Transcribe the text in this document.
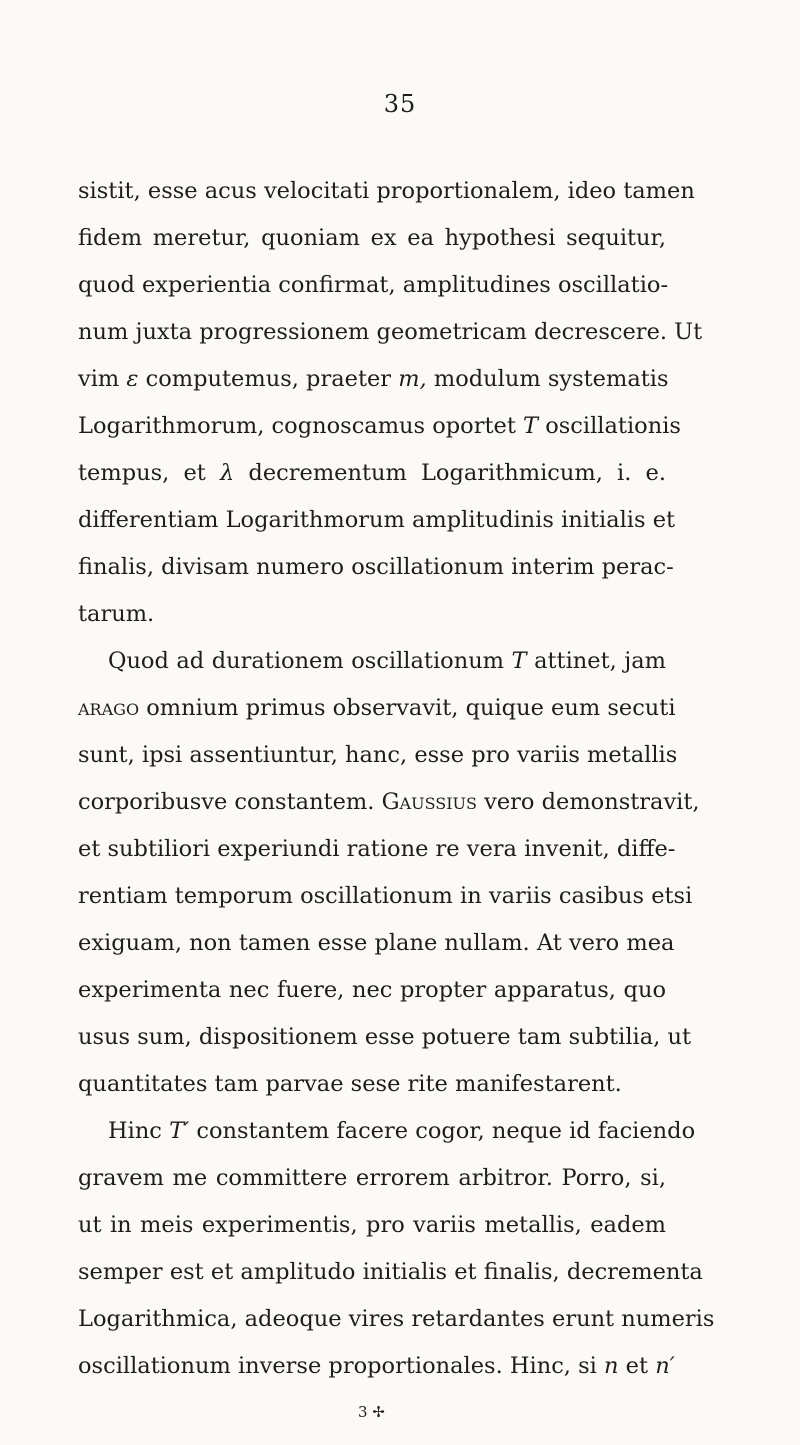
35
sistit, esse acus velocitati proportionalem, ideo tamen
fidem meretur, quoniam ex ea hypothesi sequitur,
quod experientia confirmat, amplitudines oscillatio-
num juxta progressionem geometricam decrescere. Ut
vim ε computemus, praeter m, modulum systematis
Logarithmorum, cognoscamus oportet T oscillationis
tempus, et λ decrementum Logarithmicum, i. e.
differentiam Logarithmorum amplitudinis initialis et
finalis, divisam numero oscillationum interim perac-
tarum.
Quod ad durationem oscillationum T attinet, jam
arago omnium primus observavit, quique eum secuti
sunt, ipsi assentiuntur, hanc, esse pro variis metallis
corporibusve constantem. Gaussius vero demonstravit,
et subtiliori experiundi ratione re vera invenit, diffe-
rentiam temporum oscillationum in variis casibus etsi
exiguam, non tamen esse plane nullam. At vero mea
experimenta nec fuere, nec propter apparatus, quo
usus sum, dispositionem esse potuere tam subtilia, ut
quantitates tam parvae sese rite manifestarent.
Hinc T′ constantem facere cogor, neque id faciendo
gravem me committere errorem arbitror. Porro, si,
ut in meis experimentis, pro variis metallis, eadem
semper est et amplitudo initialis et finalis, decrementa
Logarithmica, adeoque vires retardantes erunt numeris
oscillationum inverse proportionales. Hinc, si n et n′
3 ✢
